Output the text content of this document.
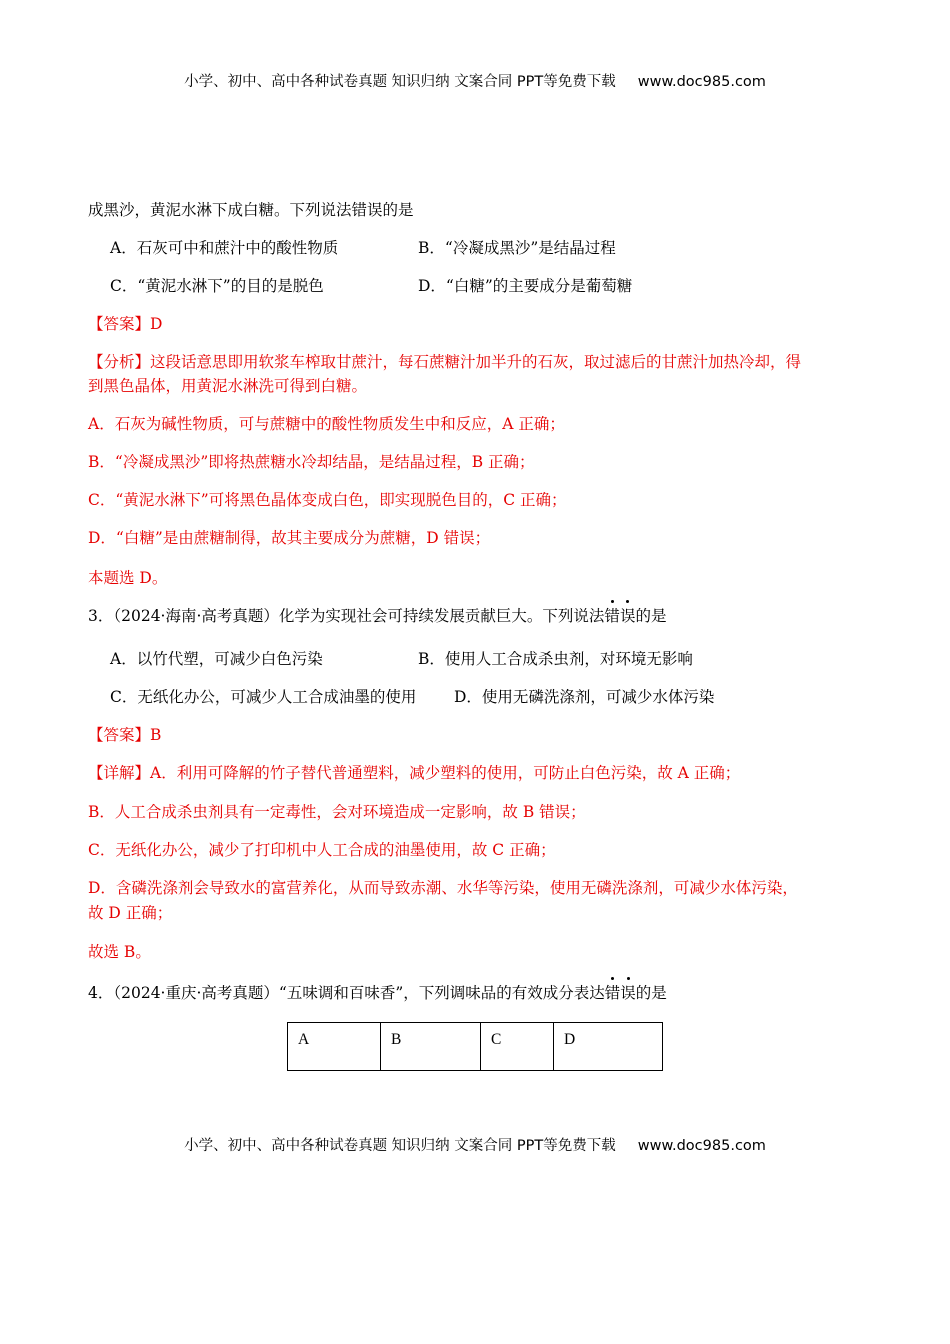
小学、初中、高中各种试卷真题 知识归纳 文案合同 PPT等免费下载 www.doc985.com
成黑沙，黄泥水淋下成白糖。下列说法错误的是
A．石灰可中和蔗汁中的酸性物质	B．“冷凝成黑沙”是结晶过程
C．“黄泥水淋下”的目的是脱色	D．“白糖”的主要成分是葡萄糖
【答案】D
【分析】这段话意思即用软浆车榨取甘蔗汁，每石蔗糖汁加半升的石灰，取过滤后的甘蔗汁加热冷却，得
到黑色晶体，用黄泥水淋洗可得到白糖。
A．石灰为碱性物质，可与蔗糖中的酸性物质发生中和反应，A 正确；
B．“冷凝成黑沙”即将热蔗糖水冷却结晶，是结晶过程，B 正确；
C．“黄泥水淋下”可将黑色晶体变成白色，即实现脱色目的，C 正确；
D．“白糖”是由蔗糖制得，故其主要成分为蔗糖，D 错误；
本题选 D。
3．（2024·海南·高考真题）化学为实现社会可持续发展贡献巨大。下列说法错误的是
A．以竹代塑，可减少白色污染	B．使用人工合成杀虫剂，对环境无影响
C．无纸化办公，可减少人工合成油墨的使用 D．使用无磷洗涤剂，可减少水体污染
【答案】B
【详解】A．利用可降解的竹子替代普通塑料，减少塑料的使用，可防止白色污染，故 A 正确；
B．人工合成杀虫剂具有一定毒性，会对环境造成一定影响，故 B 错误；
C．无纸化办公，减少了打印机中人工合成的油墨使用，故 C 正确；
D．含磷洗涤剂会导致水的富营养化，从而导致赤潮、水华等污染，使用无磷洗涤剂，可减少水体污染，
故 D 正确；
故选 B。
4．（2024·重庆·高考真题）“五味调和百味香”，下列调味品的有效成分表达错误的是
A	B	C	D
小学、初中、高中各种试卷真题 知识归纳 文案合同 PPT等免费下载 www.doc985.com
